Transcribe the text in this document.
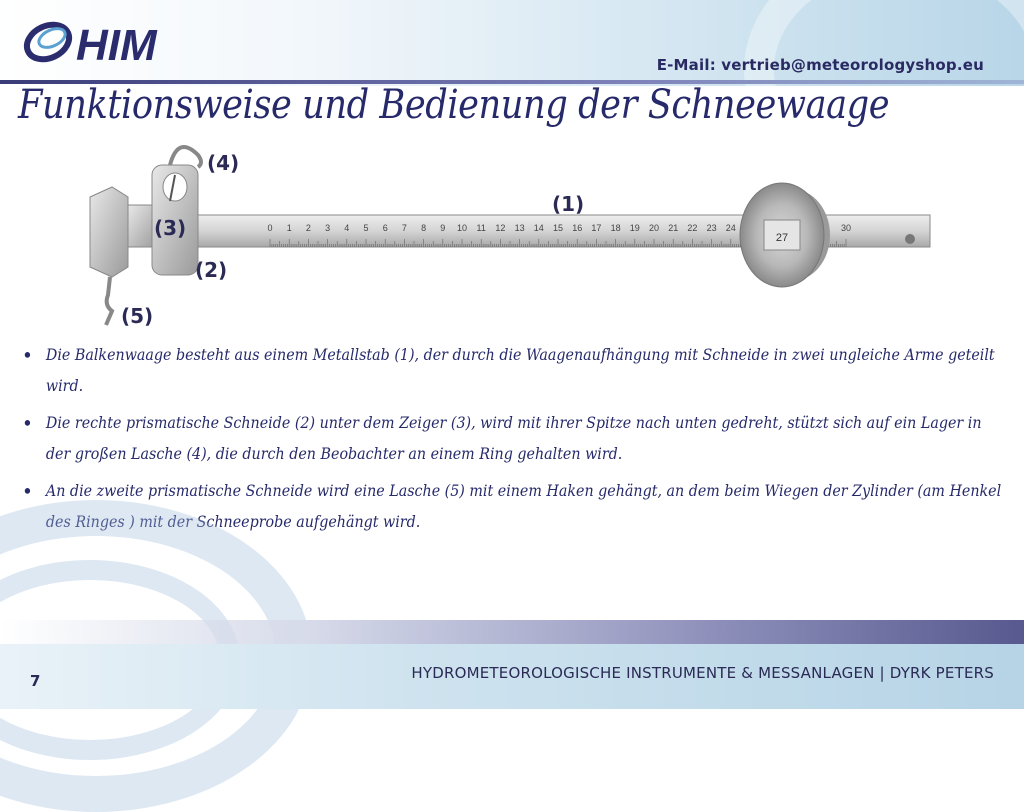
HIM	E-Mail: vertrieb@meteorologyshop.eu
Funktionsweise und Bedienung der Schneewaage
0 1 2 3 4 5 6 7 8 9 10 11 12 13 14 15 16 17 18 19 20 21 22 23 24	30
27
(1)
(2)
(3)
(4)
(5)
• Die Balkenwaage besteht aus einem Metallstab (1), der durch die Waagenaufhängung mit Schneide in zwei ungleiche Arme geteilt wird.
• Die rechte prismatische Schneide (2) unter dem Zeiger (3), wird mit ihrer Spitze nach unten gedreht, stützt sich auf ein Lager in der großen Lasche (4), die durch den Beobachter an einem Ring gehalten wird.
• An die zweite prismatische Schneide wird eine Lasche (5) mit einem Haken gehängt, an dem beim Wiegen der Zylinder (am Henkel des Ringes ) mit der Schneeprobe aufgehängt wird.
7	HYDROMETEOROLOGISCHE INSTRUMENTE & MESSANLAGEN | DYRK PETERS
